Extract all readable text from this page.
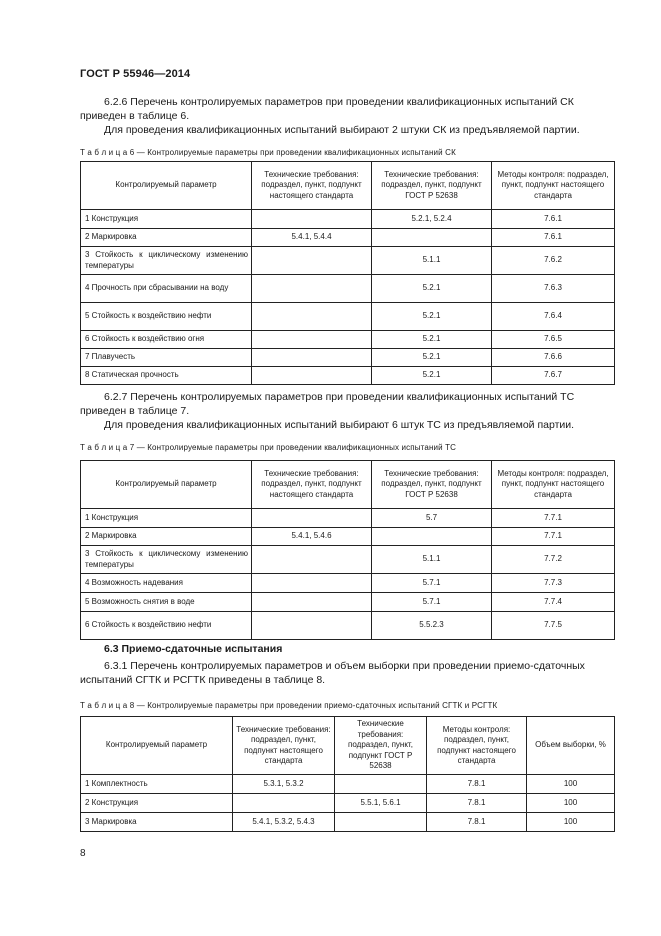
ГОСТ Р 55946—2014
6.2.6 Перечень контролируемых параметров при проведении квалификационных испытаний СК
приведен в таблице 6.
Для проведения квалификационных испытаний выбирают 2 штуки СК из предъявляемой партии.
Т а б л и ц а 6 — Контролируемые параметры при проведении квалификационных испытаний СК
Контролируемый параметр	Технические требования: подраздел, пункт, подпункт настоящего стандарта	Технические требования: подраздел, пункт, подпункт ГОСТ Р 52638	Методы контроля: подраздел, пункт, подпункт настоящего стандарта
1 Конструкция		5.2.1, 5.2.4	7.6.1
2 Маркировка	5.4.1, 5.4.4		7.6.1
3 Стойкость к циклическому изменению температуры		5.1.1	7.6.2
4 Прочность при сбрасывании на воду		5.2.1	7.6.3
5 Стойкость к воздействию нефти		5.2.1	7.6.4
6 Стойкость к воздействию огня		5.2.1	7.6.5
7 Плавучесть		5.2.1	7.6.6
8 Статическая прочность		5.2.1	7.6.7
6.2.7 Перечень контролируемых параметров при проведении квалификационных испытаний ТС
приведен в таблице 7.
Для проведения квалификационных испытаний выбирают 6 штук ТС из предъявляемой партии.
Т а б л и ц а 7 — Контролируемые параметры при проведении квалификационных испытаний ТС
Контролируемый параметр	Технические требования: подраздел, пункт, подпункт настоящего стандарта	Технические требования: подраздел, пункт, подпункт ГОСТ Р 52638	Методы контроля: подраздел, пункт, подпункт настоящего стандарта
1 Конструкция		5.7	7.7.1
2 Маркировка	5.4.1, 5.4.6		7.7.1
3 Стойкость к циклическому изменению температуры		5.1.1	7.7.2
4 Возможность надевания		5.7.1	7.7.3
5 Возможность снятия в воде		5.7.1	7.7.4
6 Стойкость к воздействию нефти		5.5.2.3	7.7.5
6.3 Приемо-сдаточные испытания
6.3.1 Перечень контролируемых параметров и объем выборки при проведении приемо-сдаточных
испытаний СГТК и РСГТК приведены в таблице 8.
Т а б л и ц а 8 — Контролируемые параметры при проведении приемо-сдаточных испытаний СГТК и РСГТК
Контролируемый параметр	Технические требования: подраздел, пункт, подпункт настоящего стандарта	Технические требования: подраздел, пункт, подпункт ГОСТ Р 52638	Методы контроля: подраздел, пункт, подпункт настоящего стандарта	Объем выборки, %
1 Комплектность	5.3.1, 5.3.2		7.8.1	100
2 Конструкция		5.5.1, 5.6.1	7.8.1	100
3 Маркировка	5.4.1, 5.3.2, 5.4.3		7.8.1	100
8
